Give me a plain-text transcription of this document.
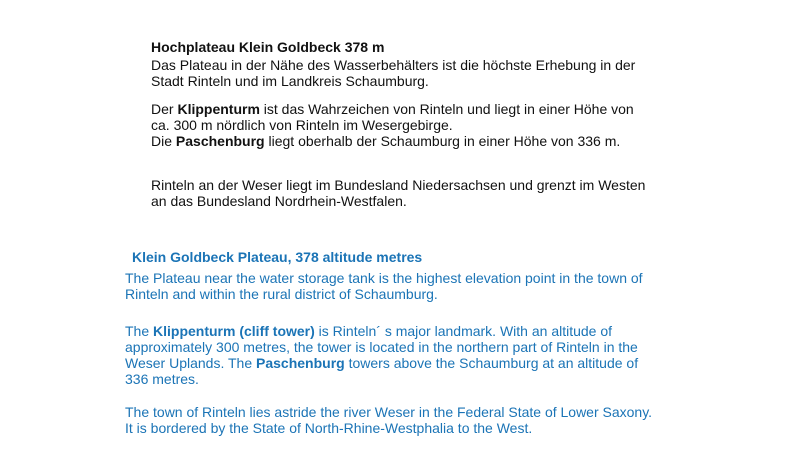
Hochplateau Klein Goldbeck 378 m

Das Plateau in der Nähe des Wasserbehälters ist die höchste Erhebung in der Stadt Rinteln und im Landkreis Schaumburg.

Der Klippenturm ist das Wahrzeichen von Rinteln und liegt in einer Höhe von ca. 300 m nördlich von Rinteln im Wesergebirge.

Die Paschenburg liegt oberhalb der Schaumburg in einer Höhe von 336 m.

Rinteln an der Weser liegt im Bundesland Niedersachsen und grenzt im Westen an das Bundesland Nordrhein-Westfalen.

Klein Goldbeck Plateau, 378 altitude metres

The Plateau near the water storage tank is the highest elevation point in the town of Rinteln and within the rural district of Schaumburg.

The Klippenturm (cliff tower) is Rinteln´ s major landmark. With an altitude of approximately 300 metres, the tower is located in the northern part of Rinteln in the Weser Uplands. The Paschenburg towers above the Schaumburg at an altitude of 336 metres.

The town of Rinteln lies astride the river Weser in the Federal State of Lower Saxony. It is bordered by the State of North-Rhine-Westphalia to the West.
